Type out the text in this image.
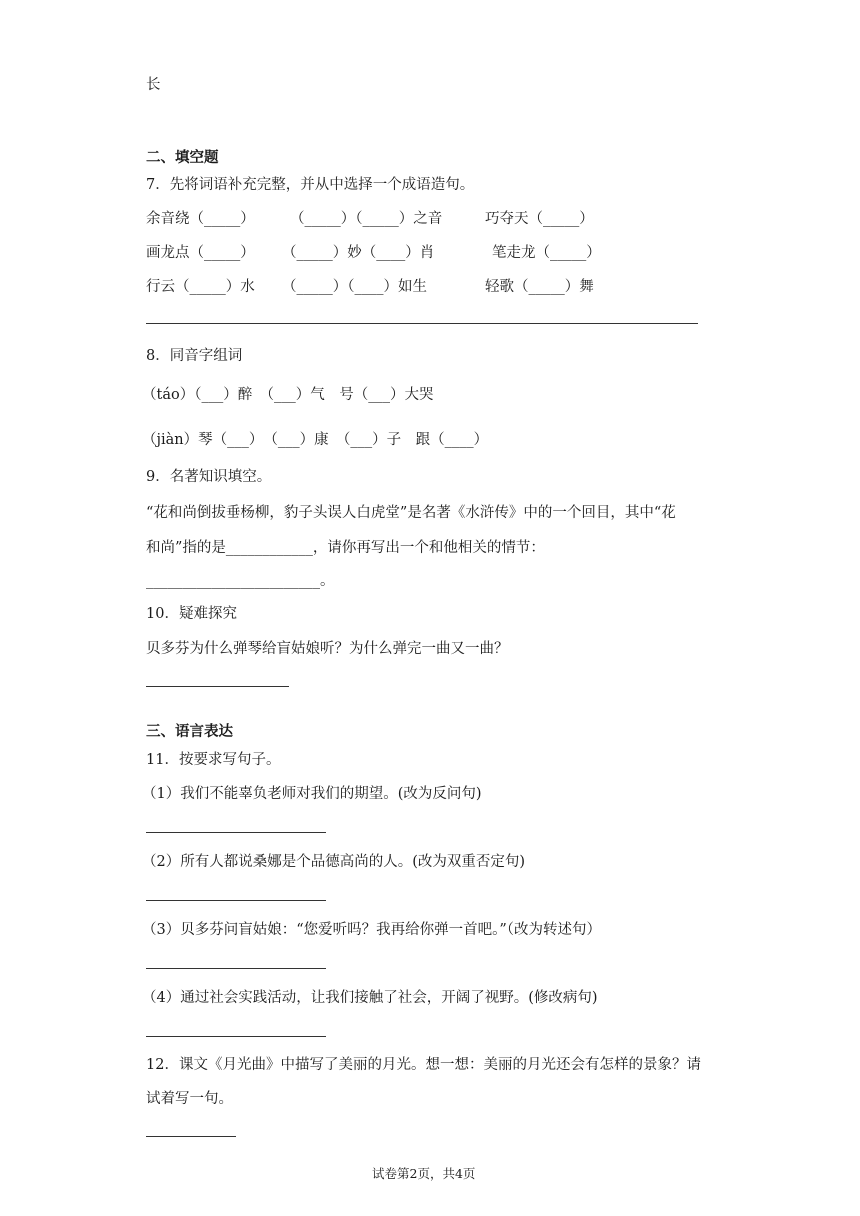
长
二、填空题
7．先将词语补充完整，并从中选择一个成语造句。
余音绕（_____） （_____）（_____）之音	巧夺天（_____）
画龙点（_____） （_____）妙（____）肖	笔走龙（_____）
行云（_____）水 （_____）（____）如生	轻歌（_____）舞
8．同音字组词
（táo）（___）醉　（___）气　号（___）大哭
（jiàn）琴（___）　（___）康　（___）子　跟（____）
9．名著知识填空。
“花和尚倒拔垂杨柳，豹子头误人白虎堂”是名著《水浒传》中的一个回目，其中“花
和尚”指的是____________，请你再写出一个和他相关的情节：
________________________。
10．疑难探究
贝多芬为什么弹琴给盲姑娘听？为什么弹完一曲又一曲？
三、语言表达
11．按要求写句子。
（1）我们不能辜负老师对我们的期望。(改为反问句)
（2）所有人都说桑娜是个品德高尚的人。(改为双重否定句)
（3）贝多芬问盲姑娘：“您爱听吗？我再给你弹一首吧。”（改为转述句）
（4）通过社会实践活动，让我们接触了社会，开阔了视野。(修改病句)
12．课文《月光曲》中描写了美丽的月光。想一想：美丽的月光还会有怎样的景象？请
试着写一句。
试卷第2页，共4页
